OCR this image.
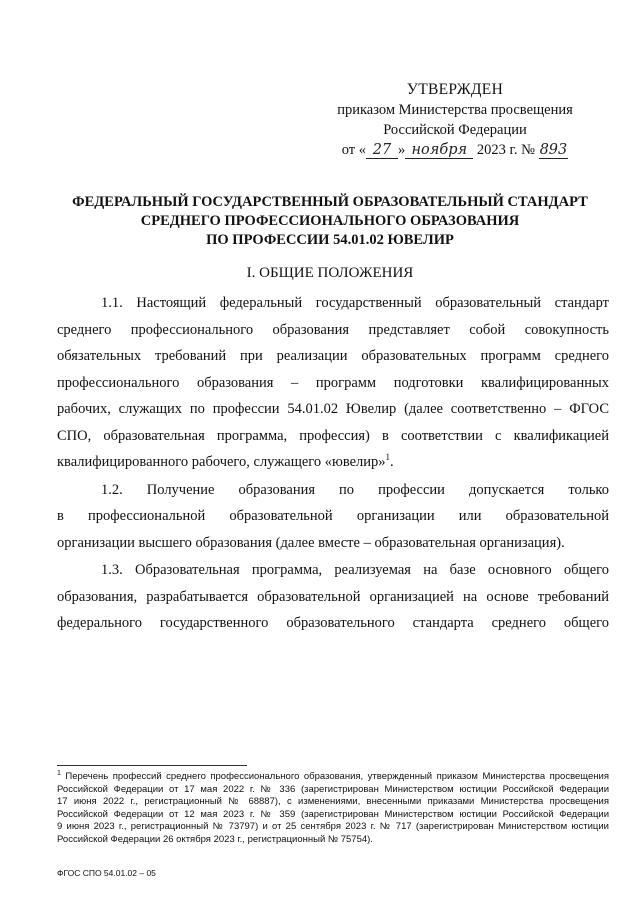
УТВЕРЖДЕН
приказом Министерства просвещения
Российской Федерации
от « 27 » ноября 2023 г. № 893
ФЕДЕРАЛЬНЫЙ ГОСУДАРСТВЕННЫЙ ОБРАЗОВАТЕЛЬНЫЙ СТАНДАРТ
СРЕДНЕГО ПРОФЕССИОНАЛЬНОГО ОБРАЗОВАНИЯ
ПО ПРОФЕССИИ 54.01.02 ЮВЕЛИР
I. ОБЩИЕ ПОЛОЖЕНИЯ

1.1. Настоящий федеральный государственный образовательный стандарт
среднего профессионального образования представляет собой совокупность
обязательных требований при реализации образовательных программ среднего
профессионального образования – программ подготовки квалифицированных
рабочих, служащих по профессии 54.01.02 Ювелир (далее соответственно – ФГОС
СПО, образовательная программа, профессия) в соответствии с квалификацией
квалифицированного рабочего, служащего «ювелир»$^1$.

1.2. Получение образования по профессии допускается только
в профессиональной образовательной организации или образовательной
организации высшего образования (далее вместе – образовательная организация).

1.3. Образовательная программа, реализуемая на базе основного общего
образования, разрабатывается образовательной организацией на основе требований
федерального государственного образовательного стандарта среднего общего

$^1$ Перечень профессий среднего профессионального образования, утвержденный приказом Министерства просвещения
Российской Федерации от 17 мая 2022 г. № 336 (зарегистрирован Министерством юстиции Российской Федерации
17 июня 2022 г., регистрационный № 68887), с изменениями, внесенными приказами Министерства просвещения
Российской Федерации от 12 мая 2023 г. № 359 (зарегистрирован Министерством юстиции Российской Федерации
9 июня 2023 г., регистрационный № 73797) и от 25 сентября 2023 г. № 717 (зарегистрирован Министерством юстиции
Российской Федерации 26 октября 2023 г., регистрационный № 75754).
ФГОС СПО 54.01.02 – 05
